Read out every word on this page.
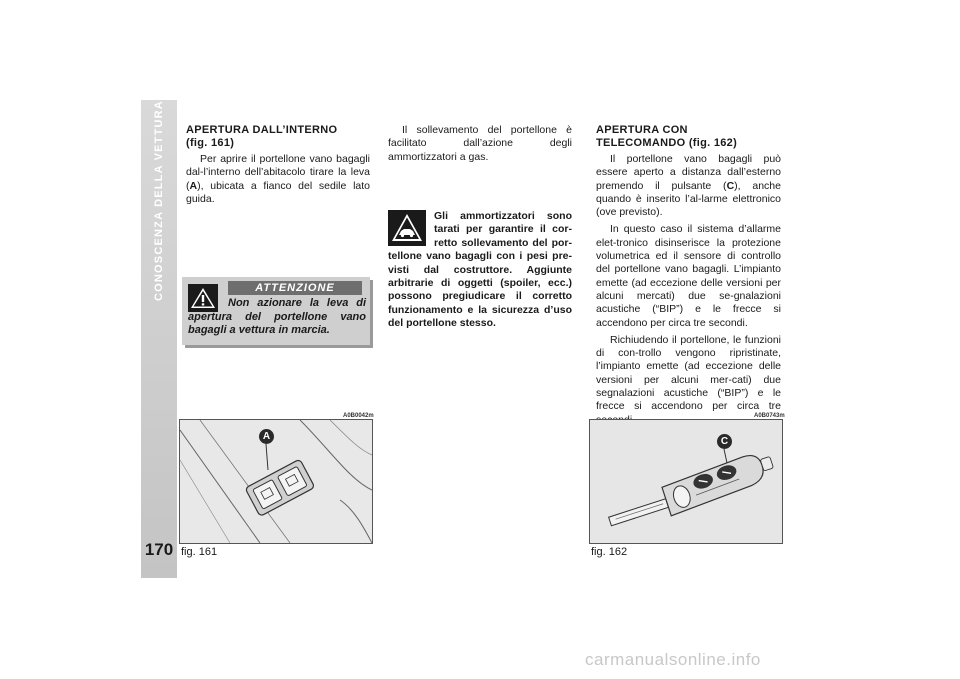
CONOSCENZA DELLA VETTURA
170
APERTURA DALL’INTERNO
(fig. 161)

Per aprire il portellone vano bagagli dal-l’interno dell’abitacolo tirare la leva (A), ubicata a fianco del sedile lato guida.

ATTENZIONE
Non azionare la leva di apertura del portellone vano bagagli a vettura in marcia.

Il sollevamento del portellone è facilitato dall’azione degli ammortizzatori a gas.

Gli ammortizzatori sono tarati per garantire il cor-retto sollevamento del por-tellone vano bagagli con i pesi pre-visti dal costruttore. Aggiunte arbitrarie di oggetti (spoiler, ecc.) possono pregiudicare il corretto funzionamento e la sicurezza d’uso del portellone stesso.
APERTURA CON
TELECOMANDO (fig. 162)

Il portellone vano bagagli può essere aperto a distanza dall’esterno premendo il pulsante (C), anche quando è inserito l’al-larme elettronico (ove previsto).

In questo caso il sistema d’allarme elet-tronico disinserisce la protezione volumetrica ed il sensore di controllo del portellone vano bagagli. L’impianto emette (ad eccezione delle versioni per alcuni mercati) due se-gnalazioni acustiche (“BIP”) e le frecce si accendono per circa tre secondi.

Richiudendo il portellone, le funzioni di con-trollo vengono ripristinate, l’impianto emette (ad eccezione delle versioni per alcuni mer-cati) due segnalazioni acustiche (“BIP”) e le frecce si accendono per circa tre

A0B0042m
A
fig. 161
A0B0743m
C
fig. 162
carmanualsonline.info
